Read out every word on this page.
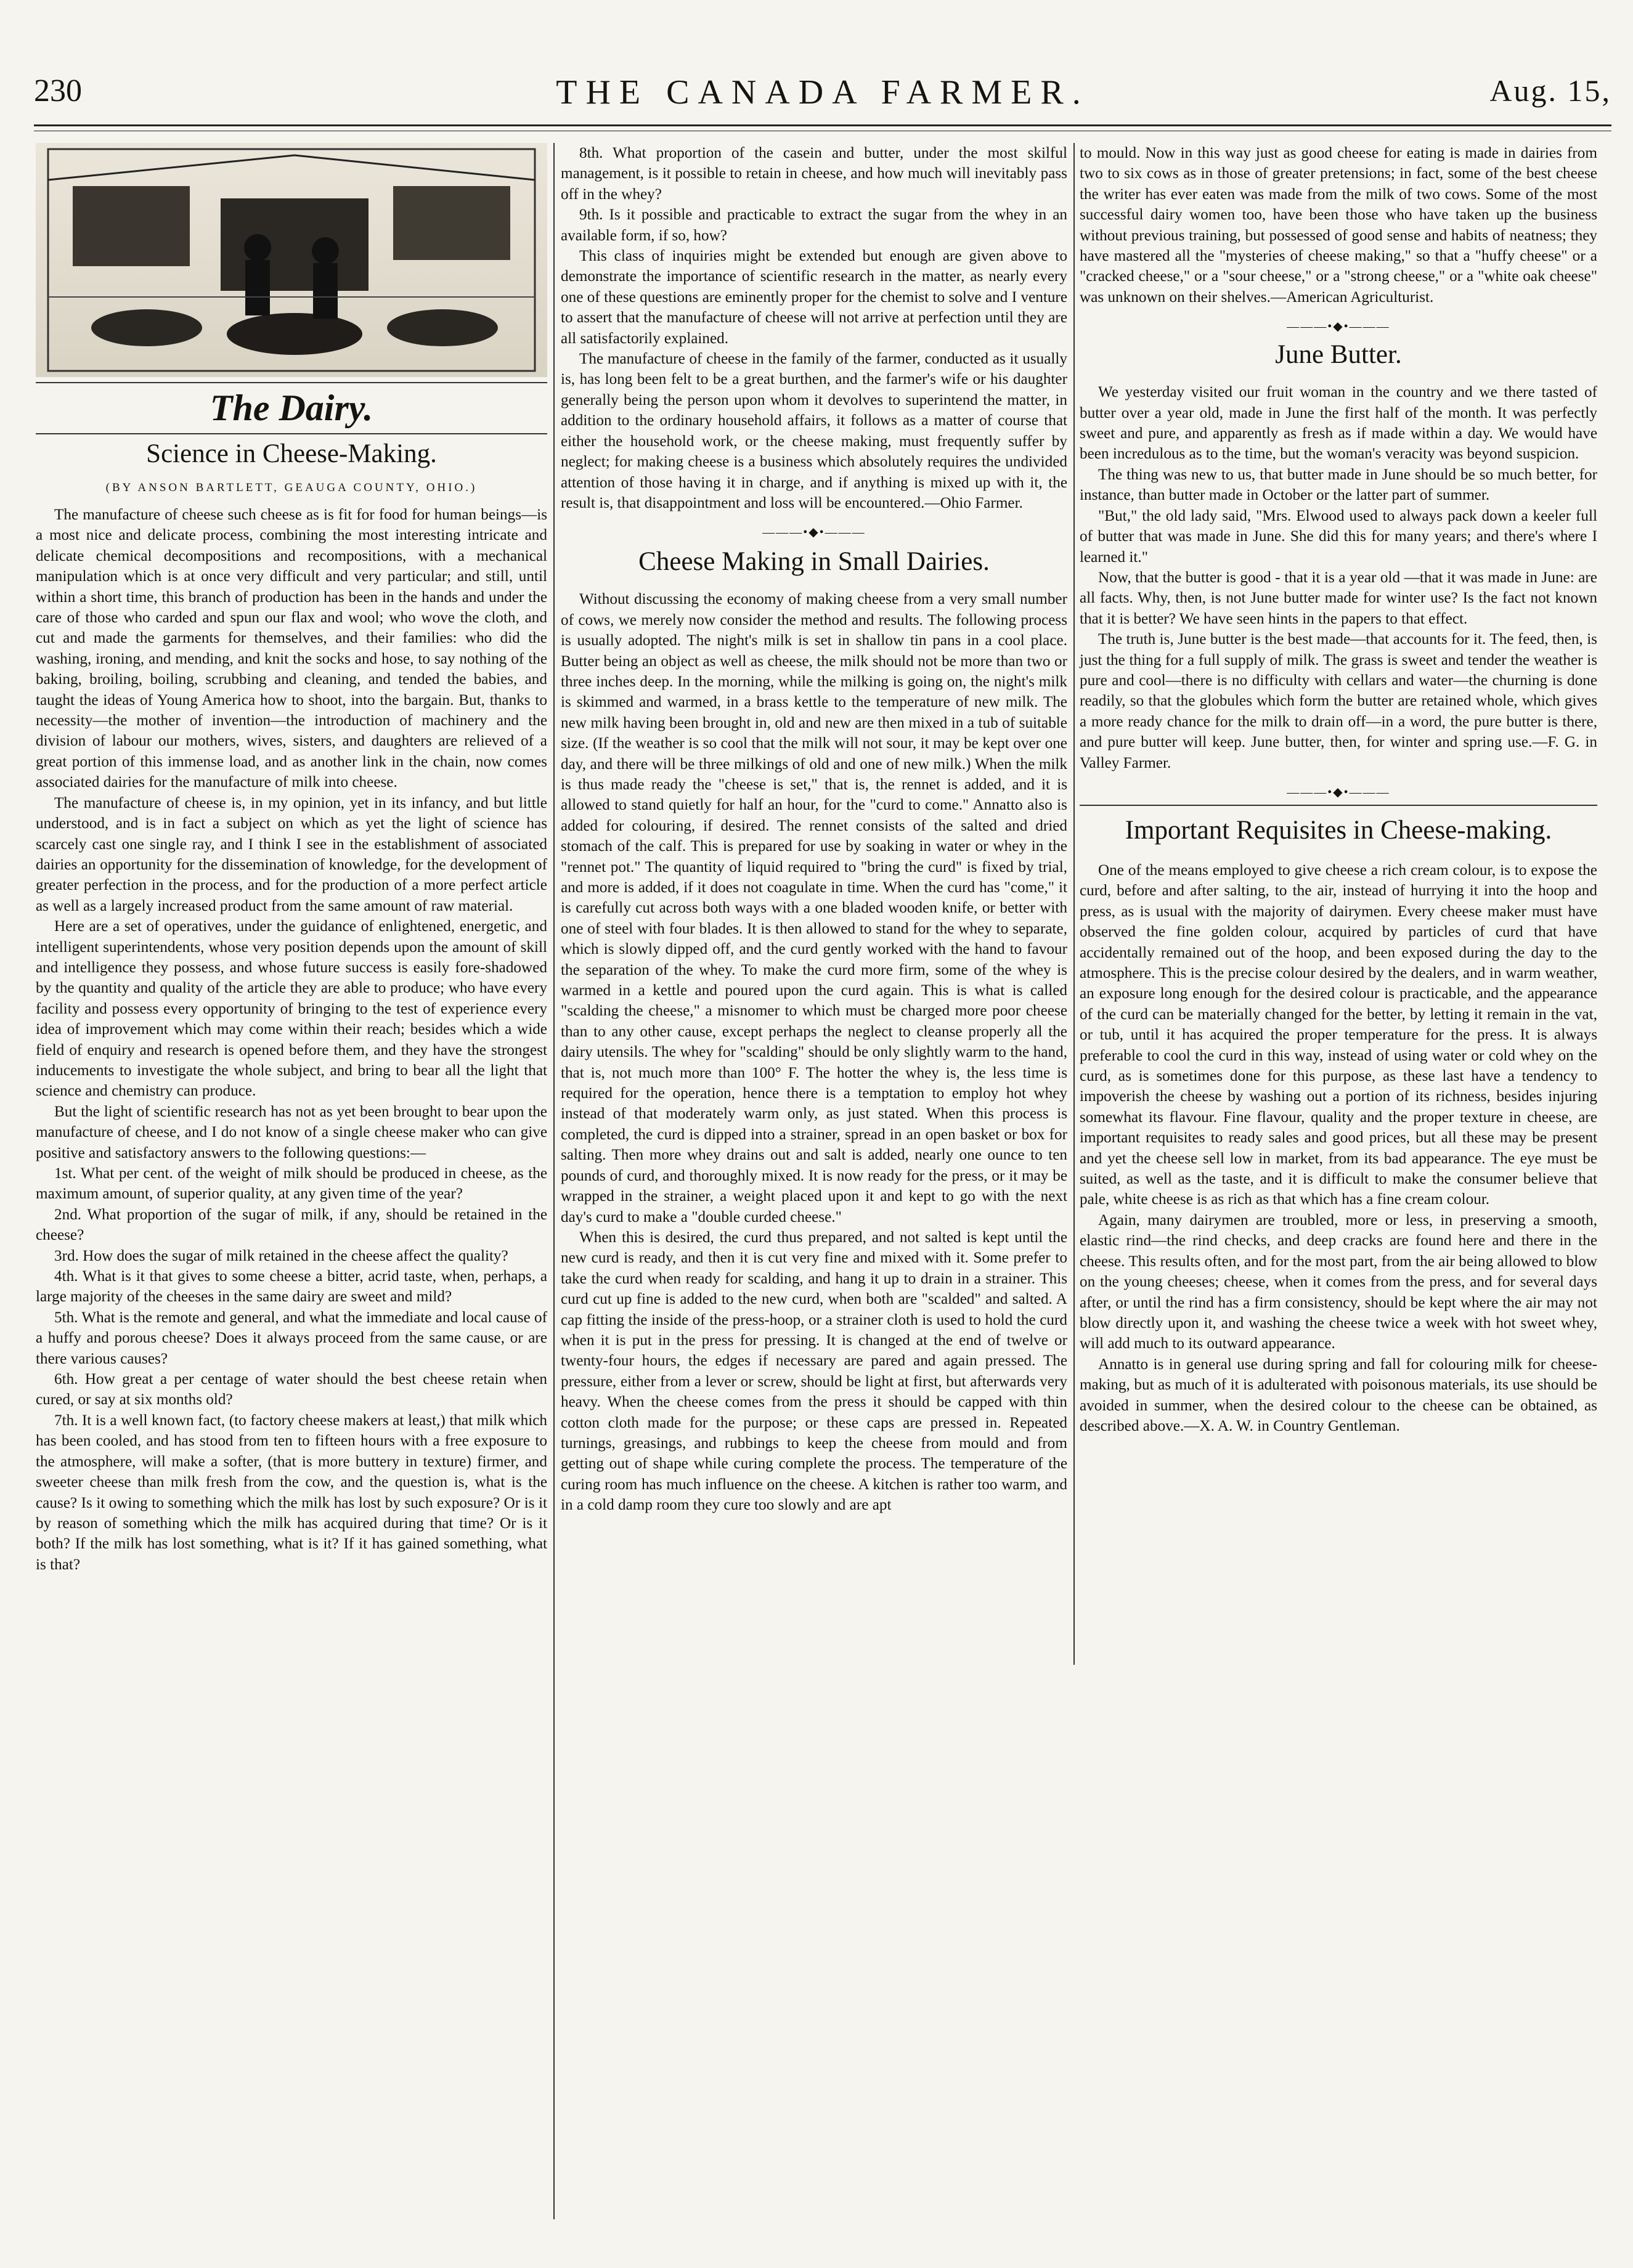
230	THE CANADA FARMER.	Aug. 15,
The Dairy.
Science in Cheese-Making.
(BY ANSON BARTLETT, GEAUGA COUNTY, OHIO.)

The manufacture of cheese such cheese as is fit for food for human beings—is a most nice and delicate process, combining the most interesting intricate and delicate chemical decompositions and recompositions, with a mechanical manipulation which is at once very difficult and very particular; and still, until within a short time, this branch of production has been in the hands and under the care of those who carded and spun our flax and wool; who wove the cloth, and cut and made the garments for themselves, and their families: who did the washing, ironing, and mending, and knit the socks and hose, to say nothing of the baking, broiling, boiling, scrubbing and cleaning, and tended the babies, and taught the ideas of Young America how to shoot, into the bargain. But, thanks to necessity—the mother of invention—the introduction of machinery and the division of labour our mothers, wives, sisters, and daughters are relieved of a great portion of this immense load, and as another link in the chain, now comes associated dairies for the manufacture of milk into cheese.

The manufacture of cheese is, in my opinion, yet in its infancy, and but little understood, and is in fact a subject on which as yet the light of science has scarcely cast one single ray, and I think I see in the establishment of associated dairies an opportunity for the dissemination of knowledge, for the development of greater perfection in the process, and for the production of a more perfect article as well as a largely increased product from the same amount of raw material.

Here are a set of operatives, under the guidance of enlightened, energetic, and intelligent superintendents, whose very position depends upon the amount of skill and intelligence they possess, and whose future success is easily fore-shadowed by the quantity and quality of the article they are able to produce; who have every facility and possess every opportunity of bringing to the test of experience every idea of improvement which may come within their reach; besides which a wide field of enquiry and research is opened before them, and they have the strongest inducements to investigate the whole subject, and bring to bear all the light that science and chemistry can produce.

But the light of scientific research has not as yet been brought to bear upon the manufacture of cheese, and I do not know of a single cheese maker who can give positive and satisfactory answers to the following questions:—

1st. What per cent. of the weight of milk should be produced in cheese, as the maximum amount, of superior quality, at any given time of the year?

2nd. What proportion of the sugar of milk, if any, should be retained in the cheese?

3rd. How does the sugar of milk retained in the cheese affect the quality?

4th. What is it that gives to some cheese a bitter, acrid taste, when, perhaps, a large majority of the cheeses in the same dairy are sweet and mild?

5th. What is the remote and general, and what the immediate and local cause of a huffy and porous cheese? Does it always proceed from the same cause, or are there various causes?

6th. How great a per centage of water should the best cheese retain when cured, or say at six months old?

7th. It is a well known fact, (to factory cheese makers at least,) that milk which has been cooled, and has stood from ten to fifteen hours with a free exposure to the atmosphere, will make a softer, (that is more buttery in texture) firmer, and sweeter cheese than milk fresh from the cow, and the question is, what is the cause? Is it owing to something which the milk has lost by such exposure? Or is it by reason of something which the milk has acquired during that time? Or is it both? If the milk has lost something, what is it? If it has gained something, what is that?

8th. What proportion of the casein and butter, under the most skilful management, is it possible to retain in cheese, and how much will inevitably pass off in the whey?

9th. Is it possible and practicable to extract the sugar from the whey in an available form, if so, how?

This class of inquiries might be extended but enough are given above to demonstrate the importance of scientific research in the matter, as nearly every one of these questions are eminently proper for the chemist to solve and I venture to assert that the manufacture of cheese will not arrive at perfection until they are all satisfactorily explained.

The manufacture of cheese in the family of the farmer, conducted as it usually is, has long been felt to be a great burthen, and the farmer's wife or his daughter generally being the person upon whom it devolves to superintend the matter, in addition to the ordinary household affairs, it follows as a matter of course that either the household work, or the cheese making, must frequently suffer by neglect; for making cheese is a business which absolutely requires the undivided attention of those having it in charge, and if anything is mixed up with it, the result is, that disappointment and loss will be encountered.—Ohio Farmer.

———•◆•———
Cheese Making in Small Dairies.

Without discussing the economy of making cheese from a very small number of cows, we merely now consider the method and results. The following process is usually adopted. The night's milk is set in shallow tin pans in a cool place. Butter being an object as well as cheese, the milk should not be more than two or three inches deep. In the morning, while the milking is going on, the night's milk is skimmed and warmed, in a brass kettle to the temperature of new milk. The new milk having been brought in, old and new are then mixed in a tub of suitable size. (If the weather is so cool that the milk will not sour, it may be kept over one day, and there will be three milkings of old and one of new milk.) When the milk is thus made ready the "cheese is set," that is, the rennet is added, and it is allowed to stand quietly for half an hour, for the "curd to come." Annatto also is added for colouring, if desired. The rennet consists of the salted and dried stomach of the calf. This is prepared for use by soaking in water or whey in the "rennet pot." The quantity of liquid required to "bring the curd" is fixed by trial, and more is added, if it does not coagulate in time. When the curd has "come," it is carefully cut across both ways with a one bladed wooden knife, or better with one of steel with four blades. It is then allowed to stand for the whey to separate, which is slowly dipped off, and the curd gently worked with the hand to favour the separation of the whey. To make the curd more firm, some of the whey is warmed in a kettle and poured upon the curd again. This is what is called "scalding the cheese," a misnomer to which must be charged more poor cheese than to any other cause, except perhaps the neglect to cleanse properly all the dairy utensils. The whey for "scalding" should be only slightly warm to the hand, that is, not much more than 100° F. The hotter the whey is, the less time is required for the operation, hence there is a temptation to employ hot whey instead of that moderately warm only, as just stated. When this process is completed, the curd is dipped into a strainer, spread in an open basket or box for salting. Then more whey drains out and salt is added, nearly one ounce to ten pounds of curd, and thoroughly mixed. It is now ready for the press, or it may be wrapped in the strainer, a weight placed upon it and kept to go with the next day's curd to make a "double curded cheese."

When this is desired, the curd thus prepared, and not salted is kept until the new curd is ready, and then it is cut very fine and mixed with it. Some prefer to take the curd when ready for scalding, and hang it up to drain in a strainer. This curd cut up fine is added to the new curd, when both are "scalded" and salted. A cap fitting the inside of the press-hoop, or a strainer cloth is used to hold the curd when it is put in the press for pressing. It is changed at the end of twelve or twenty-four hours, the edges if necessary are pared and again pressed. The pressure, either from a lever or screw, should be light at first, but afterwards very heavy. When the cheese comes from the press it should be capped with thin cotton cloth made for the purpose; or these caps are pressed in. Repeated turnings, greasings, and rubbings to keep the cheese from mould and from getting out of shape while curing complete the process. The temperature of the curing room has much influence on the cheese. A kitchen is rather too warm, and in a cold damp room they cure too slowly and are apt

to mould. Now in this way just as good cheese for eating is made in dairies from two to six cows as in those of greater pretensions; in fact, some of the best cheese the writer has ever eaten was made from the milk of two cows. Some of the most successful dairy women too, have been those who have taken up the business without previous training, but possessed of good sense and habits of neatness; they have mastered all the "mysteries of cheese making," so that a "huffy cheese" or a "cracked cheese," or a "sour cheese," or a "strong cheese," or a "white oak cheese" was unknown on their shelves.—American Agriculturist.

———•◆•———
June Butter.

We yesterday visited our fruit woman in the country and we there tasted of butter over a year old, made in June the first half of the month. It was perfectly sweet and pure, and apparently as fresh as if made within a day. We would have been incredulous as to the time, but the woman's veracity was beyond suspicion.

The thing was new to us, that butter made in June should be so much better, for instance, than butter made in October or the latter part of summer.

"But," the old lady said, "Mrs. Elwood used to always pack down a keeler full of butter that was made in June. She did this for many years; and there's where I learned it."

Now, that the butter is good - that it is a year old —that it was made in June: are all facts. Why, then, is not June butter made for winter use? Is the fact not known that it is better? We have seen hints in the papers to that effect.

The truth is, June butter is the best made—that accounts for it. The feed, then, is just the thing for a full supply of milk. The grass is sweet and tender the weather is pure and cool—there is no difficulty with cellars and water—the churning is done readily, so that the globules which form the butter are retained whole, which gives a more ready chance for the milk to drain off—in a word, the pure butter is there, and pure butter will keep. June butter, then, for winter and spring use.—F. G. in Valley Farmer.

———•◆•———
Important Requisites in Cheese-making.

One of the means employed to give cheese a rich cream colour, is to expose the curd, before and after salting, to the air, instead of hurrying it into the hoop and press, as is usual with the majority of dairymen. Every cheese maker must have observed the fine golden colour, acquired by particles of curd that have accidentally remained out of the hoop, and been exposed during the day to the atmosphere. This is the precise colour desired by the dealers, and in warm weather, an exposure long enough for the desired colour is practicable, and the appearance of the curd can be materially changed for the better, by letting it remain in the vat, or tub, until it has acquired the proper temperature for the press. It is always preferable to cool the curd in this way, instead of using water or cold whey on the curd, as is sometimes done for this purpose, as these last have a tendency to impoverish the cheese by washing out a portion of its richness, besides injuring somewhat its flavour. Fine flavour, quality and the proper texture in cheese, are important requisites to ready sales and good prices, but all these may be present and yet the cheese sell low in market, from its bad appearance. The eye must be suited, as well as the taste, and it is difficult to make the consumer believe that pale, white cheese is as rich as that which has a fine cream colour.

Again, many dairymen are troubled, more or less, in preserving a smooth, elastic rind—the rind checks, and deep cracks are found here and there in the cheese. This results often, and for the most part, from the air being allowed to blow on the young cheeses; cheese, when it comes from the press, and for several days after, or until the rind has a firm consistency, should be kept where the air may not blow directly upon it, and washing the cheese twice a week with hot sweet whey, will add much to its outward appearance.

Annatto is in general use during spring and fall for colouring milk for cheese-making, but as much of it is adulterated with poisonous materials, its use should be avoided in summer, when the desired colour to the cheese can be obtained, as described above.—X. A. W. in Country Gentleman.
